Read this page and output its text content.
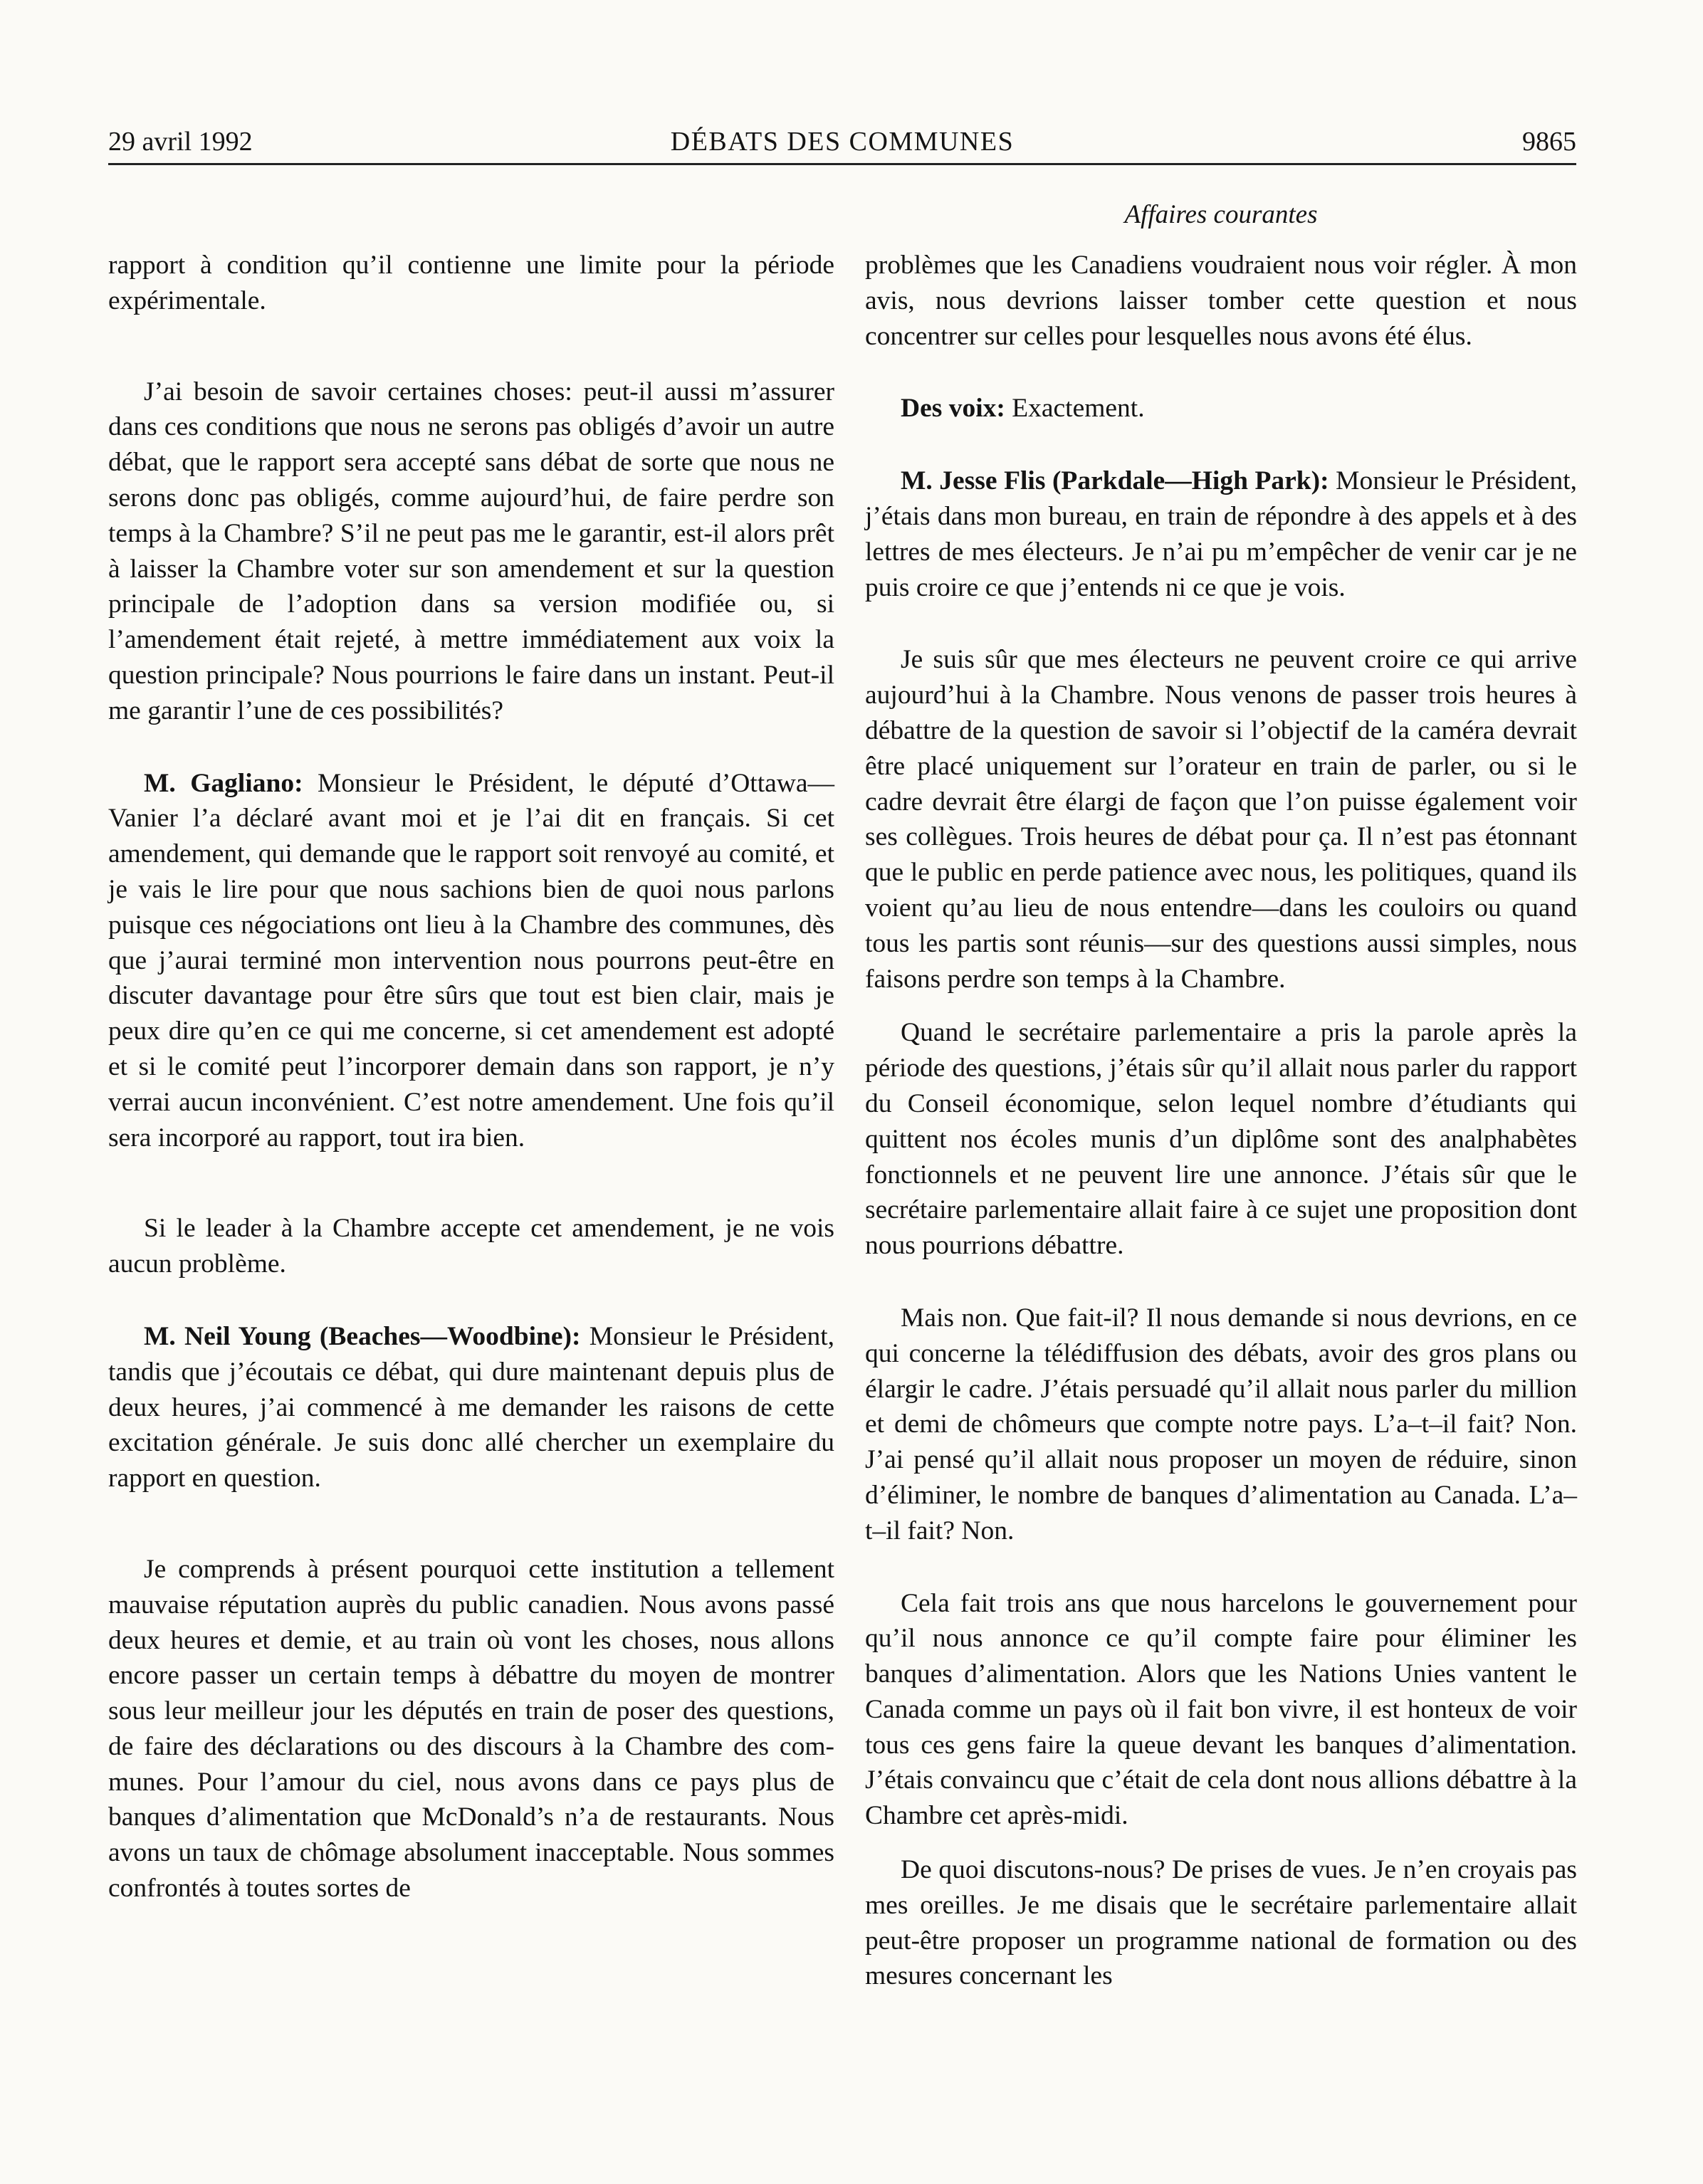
29 avril 1992	DÉBATS DES COMMUNES	9865
Affaires courantes

rapport à condition qu’il contienne une limite pour la période expérimentale.

J’ai besoin de savoir certaines choses: peut-il aussi m’assurer dans ces conditions que nous ne serons pas obligés d’avoir un autre débat, que le rapport sera accepté sans débat de sorte que nous ne serons donc pas obligés, comme aujourd’hui, de faire perdre son temps à la Chambre? S’il ne peut pas me le garantir, est-il alors prêt à laisser la Chambre voter sur son amendement et sur la question principale de l’adoption dans sa version modifiée ou, si l’amendement était rejeté, à mettre immédiatement aux voix la question principale? Nous pourrions le faire dans un instant. Peut-il me garantir l’une de ces possibilités?

M. Gagliano: Monsieur le Président, le député d’Ottawa—Vanier l’a déclaré avant moi et je l’ai dit en français. Si cet amendement, qui demande que le rapport soit renvoyé au comité, et je vais le lire pour que nous sachions bien de quoi nous parlons puisque ces négociations ont lieu à la Chambre des communes, dès que j’aurai terminé mon intervention nous pourrons peut-être en discuter davantage pour être sûrs que tout est bien clair, mais je peux dire qu’en ce qui me concerne, si cet amendement est adopté et si le comité peut l’incorporer demain dans son rapport, je n’y verrai aucun inconvénient. C’est notre amendement. Une fois qu’il sera incorporé au rapport, tout ira bien.

Si le leader à la Chambre accepte cet amendement, je ne vois aucun problème.

M. Neil Young (Beaches—Woodbine): Monsieur le Président, tandis que j’écoutais ce débat, qui dure maintenant depuis plus de deux heures, j’ai commencé à me demander les raisons de cette excitation générale. Je suis donc allé chercher un exemplaire du rapport en question.

Je comprends à présent pourquoi cette institution a tellement mauvaise réputation auprès du public canadien. Nous avons passé deux heures et demie, et au train où vont les choses, nous allons encore passer un certain temps à débattre du moyen de montrer sous leur meilleur jour les députés en train de poser des questions, de faire des déclarations ou des discours à la Chambre des communes. Pour l’amour du ciel, nous avons dans ce pays plus de banques d’alimentation que McDonald’s n’a de restaurants. Nous avons un taux de chômage absolument inacceptable. Nous sommes confrontés à toutes sortes de

problèmes que les Canadiens voudraient nous voir régler. À mon avis, nous devrions laisser tomber cette question et nous concentrer sur celles pour lesquelles nous avons été élus.

Des voix: Exactement.

M. Jesse Flis (Parkdale—High Park): Monsieur le Président, j’étais dans mon bureau, en train de répondre à des appels et à des lettres de mes électeurs. Je n’ai pu m’empêcher de venir car je ne puis croire ce que j’entends ni ce que je vois.

Je suis sûr que mes électeurs ne peuvent croire ce qui arrive aujourd’hui à la Chambre. Nous venons de passer trois heures à débattre de la question de savoir si l’objectif de la caméra devrait être placé uniquement sur l’orateur en train de parler, ou si le cadre devrait être élargi de façon que l’on puisse également voir ses collègues. Trois heures de débat pour ça. Il n’est pas étonnant que le public en perde patience avec nous, les politiques, quand ils voient qu’au lieu de nous entendre—dans les couloirs ou quand tous les partis sont réunis—sur des questions aussi simples, nous faisons perdre son temps à la Chambre.

Quand le secrétaire parlementaire a pris la parole après la période des questions, j’étais sûr qu’il allait nous parler du rapport du Conseil économique, selon lequel nombre d’étudiants qui quittent nos écoles munis d’un diplôme sont des analphabètes fonctionnels et ne peuvent lire une annonce. J’étais sûr que le secrétaire parlementaire allait faire à ce sujet une proposition dont nous pourrions débattre.

Mais non. Que fait-il? Il nous demande si nous devrions, en ce qui concerne la télédiffusion des débats, avoir des gros plans ou élargir le cadre. J’étais persuadé qu’il allait nous parler du million et demi de chômeurs que compte notre pays. L’a–t–il fait? Non. J’ai pensé qu’il allait nous proposer un moyen de réduire, sinon d’éliminer, le nombre de banques d’alimentation au Canada. L’a–t–il fait? Non.

Cela fait trois ans que nous harcelons le gouvernement pour qu’il nous annonce ce qu’il compte faire pour éliminer les banques d’alimentation. Alors que les Nations Unies vantent le Canada comme un pays où il fait bon vivre, il est honteux de voir tous ces gens faire la queue devant les banques d’alimentation. J’étais convaincu que c’était de cela dont nous allions débattre à la Chambre cet après-midi.

De quoi discutons-nous? De prises de vues. Je n’en croyais pas mes oreilles. Je me disais que le secrétaire parlementaire allait peut-être proposer un programme national de formation ou des mesures concernant les
